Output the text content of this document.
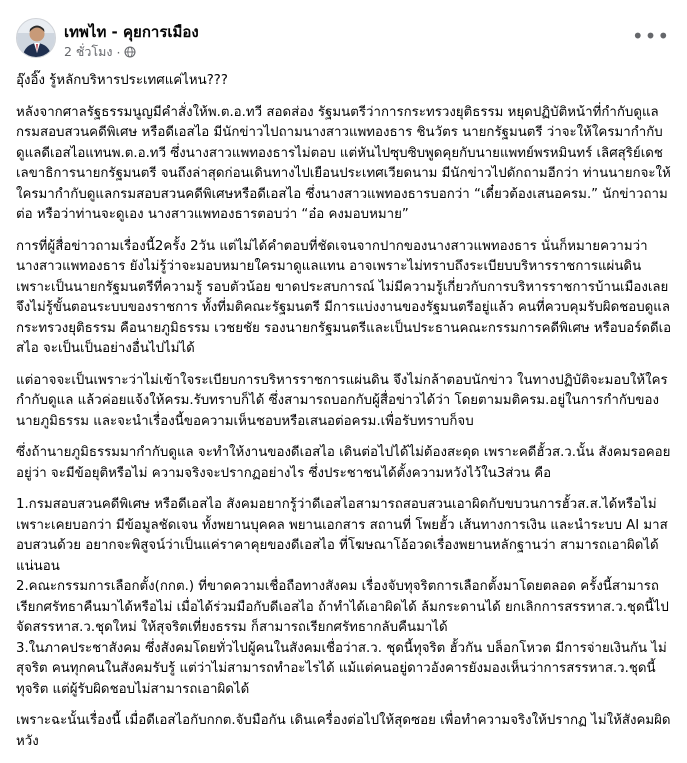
เทพไท - คุยการเมือง
2 ชั่วโมง ·
•••

อุ๊งอิ๊ง รู้หลักบริหารประเทศแค่ไหน???

หลังจากศาลรัฐธรรมนูญมีคำสั่งให้พ.ต.อ.ทวี สอดส่อง รัฐมนตรีว่าการกระทรวงยุติธรรม หยุดปฏิบัติหน้าที่กำกับดูแลกรมสอบสวนคดีพิเศษ หรือดีเอสไอ มีนักข่าวไปถามนางสาวแพทองธาร ชินวัตร นายกรัฐมนตรี ว่าจะให้ใครมากำกับดูแลดีเอสไอแทนพ.ต.อ.ทวี ซึ่งนางสาวแพทองธารไม่ตอบ แต่หันไปซุบซิบพูดคุยกับนายแพทย์พรหมินทร์ เลิศสุริย์เดช เลขาธิการนายกรัฐมนตรี จนถึงล่าสุดก่อนเดินทางไปเยือนประเทศเวียดนาม มีนักข่าวไปดักถามอีกว่า ท่านนายกจะให้ใครมากำกับดูแลกรมสอบสวนคดีพิเศษหรือดีเอสไอ ซึ่งนางสาวแพทองธารบอกว่า “เดี๋ยวต้องเสนอครม.” นักข่าวถามต่อ หรือว่าท่านจะดูเอง นางสาวแพทองธารตอบว่า “อ๋อ คงมอบหมาย”

การที่ผู้สื่อข่าวถามเรื่องนี้2ครั้ง 2วัน แต่ไม่ได้คำตอบที่ชัดเจนจากปากของนางสาวแพทองธาร นั่นก็หมายความว่านางสาวแพทองธาร ยังไม่รู้ว่าจะมอบหมายใครมาดูแลแทน อาจเพราะไม่ทราบถึงระเบียบบริหารราชการแผ่นดิน เพราะเป็นนายกรัฐมนตรีที่ความรู้ รอบตัวน้อย ขาดประสบการณ์ ไม่มีความรู้เกี่ยวกับการบริหารราชการบ้านเมืองเลย จึงไม่รู้ขั้นตอนระบบของราชการ ทั้งที่มติคณะรัฐมนตรี มีการแบ่งงานของรัฐมนตรีอยู่แล้ว คนที่ควบคุมรับผิดชอบดูแลกระทรวงยุติธรรม คือนายภูมิธรรม เวชยชัย รองนายกรัฐมนตรีและเป็นประธานคณะกรรมการคดีพิเศษ หรือบอร์ดดีเอสไอ จะเป็นเป็นอย่างอื่นไปไม่ได้

แต่อาจจะเป็นเพราะว่าไม่เข้าใจระเบียบการบริหารราชการแผ่นดิน จึงไม่กล้าตอบนักข่าว ในทางปฏิบัติจะมอบให้ใครกำกับดูแล แล้วค่อยแจ้งให้ครม.รับทราบก็ได้ ซึ่งสามารถบอกกับผู้สื่อข่าวได้ว่า โดยตามมติครม.อยู่ในการกำกับของนายภูมิธรรม และจะนำเรื่องนี้ขอความเห็นชอบหรือเสนอต่อครม.เพื่อรับทราบก็จบ

ซึ่งถ้านายภูมิธรรมมากำกับดูแล จะทำให้งานของดีเอสไอ เดินต่อไปได้ไม่ต้องสะดุด เพราะคดีฮั้วส.ว.นั้น สังคมรอคอยอยู่ว่า จะมีข้อยุติหรือไม่ ความจริงจะปรากฏอย่างไร ซึ่งประชาชนได้ตั้งความหวังไว้ใน3ส่วน คือ

1.กรมสอบสวนคดีพิเศษ หรือดีเอสไอ สังคมอยากรู้ว่าดีเอสไอสามารถสอบสวนเอาผิดกับขบวนการฮั้วส.ส.ได้หรือไม่ เพราะเคยบอกว่า มีข้อมูลชัดเจน ทั้งพยานบุคคล พยานเอกสาร สถานที่ โพยฮั้ว เส้นทางการเงิน และนำระบบ AI มาสอบสวนด้วย อยากจะพิสูจน์ว่าเป็นแค่ราคาคุยของดีเอสไอ ที่โฆษณาโอ้อวดเรื่องพยานหลักฐานว่า สามารถเอาผิดได้แน่นอน

2.คณะกรรมการเลือกตั้ง(กกต.) ที่ขาดความเชื่อถือทางสังคม เรื่องจับทุจริตการเลือกตั้งมาโดยตลอด ครั้งนี้สามารถเรียกศรัทธาคืนมาได้หรือไม่ เมื่อได้ร่วมมือกับดีเอสไอ ถ้าทำได้เอาผิดได้ ล้มกระดานได้ ยกเลิกการสรรหาส.ว.ชุดนี้ไป จัดสรรหาส.ว.ชุดใหม่ ให้สุจริตเที่ยงธรรม ก็สามารถเรียกศรัทธากลับคืนมาได้

3.ในภาคประชาสังคม ซึ่งสังคมโดยทั่วไปผู้คนในสังคมเชื่อว่าส.ว. ชุดนี้ทุจริต ฮั้วกัน บล็อกโหวต มีการจ่ายเงินกัน ไม่สุจริต คนทุกคนในสังคมรับรู้ แต่ว่าไม่สามารถทำอะไรได้ แม้แต่คนอยู่ดาวอังคารยังมองเห็นว่าการสรรหาส.ว.ชุดนี้ทุจริต แต่ผู้รับผิดชอบไม่สามารถเอาผิดได้

เพราะฉะนั้นเรื่องนี้ เมื่อดีเอสไอกับกกต.จับมือกัน เดินเครื่องต่อไปให้สุดซอย เพื่อทำความจริงให้ปรากฏ ไม่ให้สังคมผิดหวัง
